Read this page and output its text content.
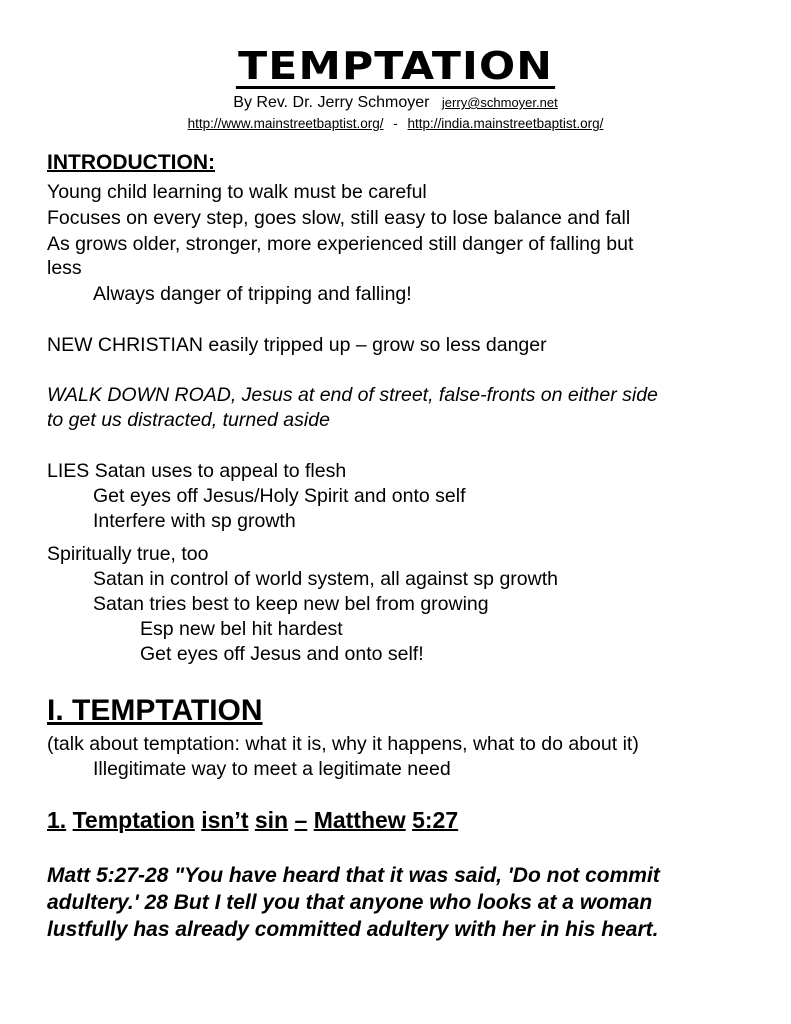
TEMPTATION
By Rev. Dr. Jerry Schmoyer jerry@schmoyer.net
http://www.mainstreetbaptist.org/ - http://india.mainstreetbaptist.org/
INTRODUCTION:
Young child learning to walk must be careful
Focuses on every step, goes slow, still easy to lose balance and fall
As grows older, stronger, more experienced still danger of falling but
less
Always danger of tripping and falling!
NEW CHRISTIAN easily tripped up – grow so less danger
WALK DOWN ROAD, Jesus at end of street, false-fronts on either side
to get us distracted, turned aside
LIES Satan uses to appeal to flesh
Get eyes off Jesus/Holy Spirit and onto self
Interfere with sp growth
Spiritually true, too
Satan in control of world system, all against sp growth
Satan tries best to keep new bel from growing
Esp new bel hit hardest
Get eyes off Jesus and onto self!
I. TEMPTATION
(talk about temptation: what it is, why it happens, what to do about it)
Illegitimate way to meet a legitimate need
1. Temptation isn’t sin – Matthew 5:27
Matt 5:27-28 "You have heard that it was said, 'Do not commit
adultery.' 28 But I tell you that anyone who looks at a woman
lustfully has already committed adultery with her in his heart.
